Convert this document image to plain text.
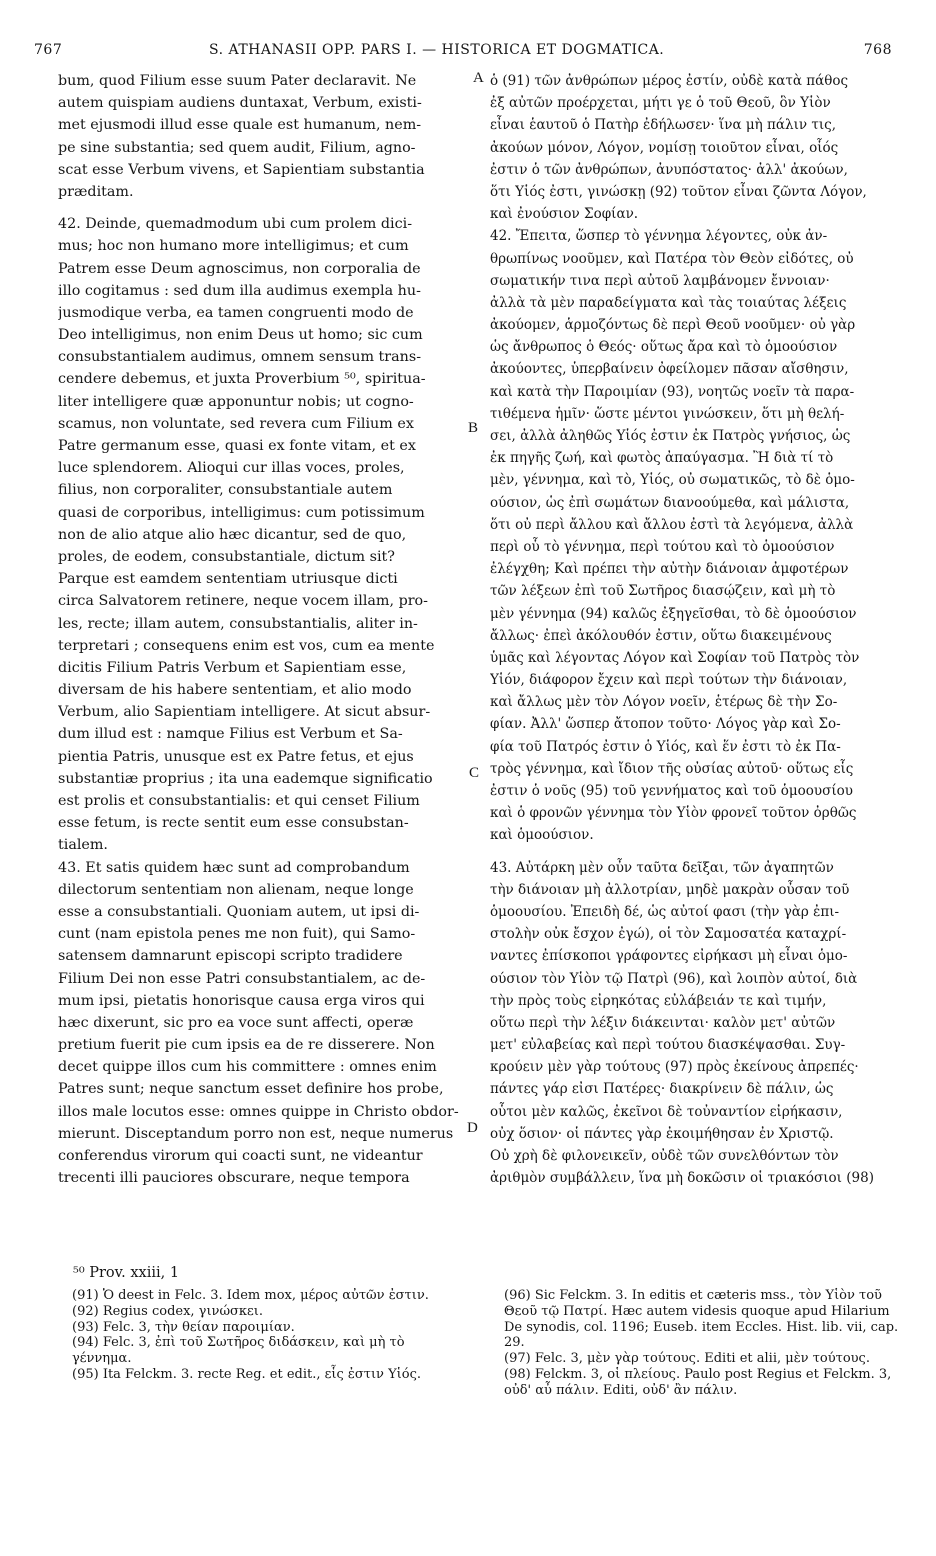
767	S. ATHANASII OPP. PARS I. — HISTORICA ET DOGMATICA.	768
bum, quod Filium esse suum Pater declaravit. Ne
autem quispiam audiens duntaxat, Verbum, existi-
met ejusmodi illud esse quale est humanum, nem-
pe sine substantia; sed quem audit, Filium, agno-
scat esse Verbum vivens, et Sapientiam substantia
præditam.
42. Deinde, quemadmodum ubi cum prolem dici-
mus; hoc non humano more intelligimus; et cum
Patrem esse Deum agnoscimus, non corporalia de
illo cogitamus : sed dum illa audimus exempla hu-
jusmodique verba, ea tamen congruenti modo de
Deo intelligimus, non enim Deus ut homo; sic cum
consubstantialem audimus, omnem sensum trans-
cendere debemus, et juxta Proverbium ⁵⁰, spiritua-
liter intelligere quæ apponuntur nobis; ut cogno-
scamus, non voluntate, sed revera cum Filium ex
Patre germanum esse, quasi ex fonte vitam, et ex
luce splendorem. Alioqui cur illas voces, proles,
filius, non corporaliter, consubstantiale autem
quasi de corporibus, intelligimus: cum potissimum
non de alio atque alio hæc dicantur, sed de quo,
proles, de eodem, consubstantiale, dictum sit?
Parque est eamdem sententiam utriusque dicti
circa Salvatorem retinere, neque vocem illam, pro-
les, recte; illam autem, consubstantialis, aliter in-
terpretari ; consequens enim est vos, cum ea mente
dicitis Filium Patris Verbum et Sapientiam esse,
diversam de his habere sententiam, et alio modo
Verbum, alio Sapientiam intelligere. At sicut absur-
dum illud est : namque Filius est Verbum et Sa-
pientia Patris, unusque est ex Patre fetus, et ejus
substantiæ proprius ; ita una eademque significatio
est prolis et consubstantialis: et qui censet Filium
esse fetum, is recte sentit eum esse consubstan-
tialem.
43. Et satis quidem hæc sunt ad comprobandum
dilectorum sententiam non alienam, neque longe
esse a consubstantiali. Quoniam autem, ut ipsi di-
cunt (nam epistola penes me non fuit), qui Samo-
satensem damnarunt episcopi scripto tradidere
Filium Dei non esse Patri consubstantialem, ac de-
mum ipsi, pietatis honorisque causa erga viros qui
hæc dixerunt, sic pro ea voce sunt affecti, operæ
pretium fuerit pie cum ipsis ea de re disserere. Non
decet quippe illos cum his committere : omnes enim
Patres sunt; neque sanctum esset definire hos probe,
illos male locutos esse: omnes quippe in Christo obdor-
mierunt. Disceptandum porro non est, neque numerus
conferendus virorum qui coacti sunt, ne videantur
trecenti illi pauciores obscurare, neque tempora
ὁ (91) τῶν ἀνθρώπων μέρος ἐστίν, οὐδὲ κατὰ πάθος
ἐξ αὐτῶν προέρχεται, μήτι γε ὁ τοῦ Θεοῦ, ὃν Υἱὸν
εἶναι ἑαυτοῦ ὁ Πατὴρ ἐδήλωσεν· ἵνα μὴ πάλιν τις,
ἀκούων μόνον, Λόγον, νομίσῃ τοιοῦτον εἶναι, οἷός
ἐστιν ὁ τῶν ἀνθρώπων, ἀνυπόστατος· ἀλλ' ἀκούων,
ὅτι Υἱός ἐστι, γινώσκῃ (92) τοῦτον εἶναι ζῶντα Λόγον,
καὶ ἐνούσιον Σοφίαν.
42. Ἔπειτα, ὥσπερ τὸ γέννημα λέγοντες, οὐκ ἀν-
θρωπίνως νοοῦμεν, καὶ Πατέρα τὸν Θεὸν εἰδότες, οὐ
σωματικήν τινα περὶ αὐτοῦ λαμβάνομεν ἔννοιαν·
ἀλλὰ τὰ μὲν παραδείγματα καὶ τὰς τοιαύτας λέξεις
ἀκούομεν, ἁρμοζόντως δὲ περὶ Θεοῦ νοοῦμεν· οὐ γὰρ
ὡς ἄνθρωπος ὁ Θεός· οὕτως ἄρα καὶ τὸ ὁμοούσιον
ἀκούοντες, ὑπερβαίνειν ὀφείλομεν πᾶσαν αἴσθησιν,
καὶ κατὰ τὴν Παροιμίαν (93), νοητῶς νοεῖν τὰ παρα-
τιθέμενα ἡμῖν· ὥστε μέντοι γινώσκειν, ὅτι μὴ θελή-
σει, ἀλλὰ ἀληθῶς Υἱός ἐστιν ἐκ Πατρὸς γνήσιος, ὡς
ἐκ πηγῆς ζωή, καὶ φωτὸς ἀπαύγασμα. Ἢ διὰ τί τὸ
μὲν, γέννημα, καὶ τὸ, Υἱός, οὐ σωματικῶς, τὸ δὲ ὁμο-
ούσιον, ὡς ἐπὶ σωμάτων διανοούμεθα, καὶ μάλιστα,
ὅτι οὐ περὶ ἄλλου καὶ ἄλλου ἐστὶ τὰ λεγόμενα, ἀλλὰ
περὶ οὗ τὸ γέννημα, περὶ τούτου καὶ τὸ ὁμοούσιον
ἐλέγχθη; Καὶ πρέπει τὴν αὐτὴν διάνοιαν ἀμφοτέρων
τῶν λέξεων ἐπὶ τοῦ Σωτῆρος διασῴζειν, καὶ μὴ τὸ
μὲν γέννημα (94) καλῶς ἐξηγεῖσθαι, τὸ δὲ ὁμοούσιον
ἄλλως· ἐπεὶ ἀκόλουθόν ἐστιν, οὕτω διακειμένους
ὑμᾶς καὶ λέγοντας Λόγον καὶ Σοφίαν τοῦ Πατρὸς τὸν
Υἱόν, διάφορον ἔχειν καὶ περὶ τούτων τὴν διάνοιαν,
καὶ ἄλλως μὲν τὸν Λόγον νοεῖν, ἑτέρως δὲ τὴν Σο-
φίαν. Ἀλλ' ὥσπερ ἄτοπον τοῦτο· Λόγος γὰρ καὶ Σο-
φία τοῦ Πατρός ἐστιν ὁ Υἱός, καὶ ἕν ἐστι τὸ ἐκ Πα-
τρὸς γέννημα, καὶ ἴδιον τῆς οὐσίας αὐτοῦ· οὕτως εἷς
ἐστιν ὁ νοῦς (95) τοῦ γεννήματος καὶ τοῦ ὁμοουσίου
καὶ ὁ φρονῶν γέννημα τὸν Υἱὸν φρονεῖ τοῦτον ὀρθῶς
καὶ ὁμοούσιον.
43. Αὐτάρκη μὲν οὖν ταῦτα δεῖξαι, τῶν ἀγαπητῶν
τὴν διάνοιαν μὴ ἀλλοτρίαν, μηδὲ μακρὰν οὖσαν τοῦ
ὁμοουσίου. Ἐπειδὴ δέ, ὡς αὐτοί φασι (τὴν γὰρ ἐπι-
στολὴν οὐκ ἔσχον ἐγώ), οἱ τὸν Σαμοσατέα καταχρί-
ναντες ἐπίσκοποι γράφοντες εἰρήκασι μὴ εἶναι ὁμο-
ούσιον τὸν Υἱὸν τῷ Πατρὶ (96), καὶ λοιπὸν αὐτοί, διὰ
τὴν πρὸς τοὺς εἰρηκότας εὐλάβειάν τε καὶ τιμήν,
οὕτω περὶ τὴν λέξιν διάκεινται· καλὸν μετ' αὐτῶν
μετ' εὐλαβείας καὶ περὶ τούτου διασκέψασθαι. Συγ-
κρούειν μὲν γὰρ τούτους (97) πρὸς ἐκείνους ἀπρεπές·
πάντες γάρ εἰσι Πατέρες· διακρίνειν δὲ πάλιν, ὡς
οὗτοι μὲν καλῶς, ἐκεῖνοι δὲ τοὐναντίον εἰρήκασιν,
οὐχ ὅσιον· οἱ πάντες γὰρ ἐκοιμήθησαν ἐν Χριστῷ.
Οὐ χρὴ δὲ φιλονεικεῖν, οὐδὲ τῶν συνελθόντων τὸν
ἀριθμὸν συμβάλλειν, ἵνα μὴ δοκῶσιν οἱ τριακόσιοι (98)
A
B
C
D
⁵⁰ Prov. xxiii, 1
(91) Ὁ deest in Felc. 3. Idem mox, μέρος αὐτῶν ἐστιν.
(92) Regius codex, γινώσκει.
(93) Felc. 3, τὴν θείαν παροιμίαν.
(94) Felc. 3, ἐπὶ τοῦ Σωτῆρος διδάσκειν, καὶ μὴ τὸ γέννημα.
(95) Ita Felckm. 3. recte Reg. et edit., εἷς ἐστιν Υἱός.
(96) Sic Felckm. 3. In editis et cæteris mss., τὸν Υἱὸν τοῦ Θεοῦ τῷ Πατρί. Hæc autem videsis quoque apud Hilarium De synodis, col. 1196; Euseb. item Eccles. Hist. lib. vii, cap. 29.
(97) Felc. 3, μὲν γὰρ τούτους. Editi et alii, μὲν τούτους.
(98) Felckm. 3, οἱ πλείους. Paulo post Regius et Felckm. 3, οὐδ' αὖ πάλιν. Editi, οὐδ' ἂν πάλιν.
